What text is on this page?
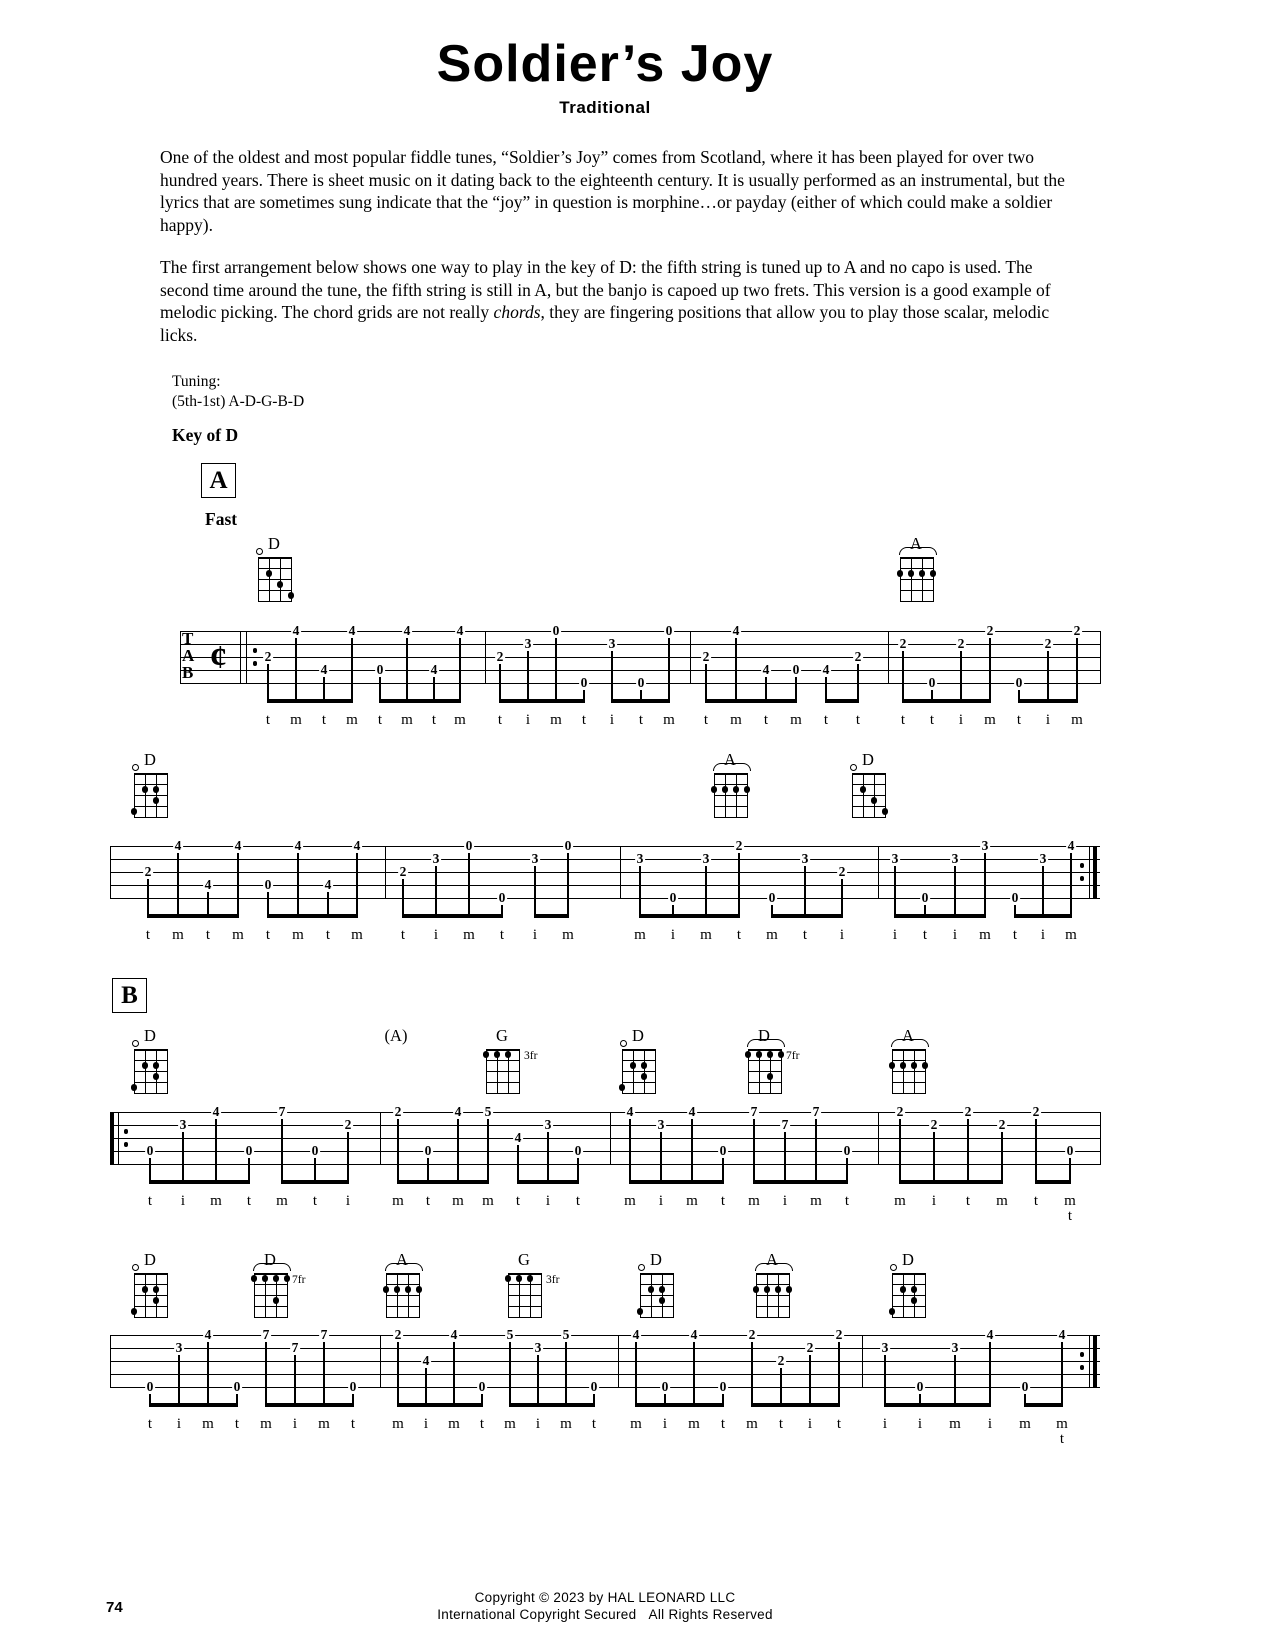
Soldier’s Joy
Traditional
One of the oldest and most popular fiddle tunes, “Soldier’s Joy” comes from Scotland, where it has been played for over two hundred years. There is sheet music on it dating back to the eighteenth century. It is usually performed as an instrumental, but the lyrics that are sometimes sung indicate that the “joy” in question is morphine…or payday (either of which could make a soldier happy).
The first arrangement below shows one way to play in the key of D: the fifth string is tuned up to A and no capo is used. The second time around the tune, the fifth string is still in A, but the banjo is capoed up two frets. This version is a good example of melodic picking. The chord grids are not really chords, they are fingering positions that allow you to play those scalar, melodic licks.
Tuning:
(5th-1st) A-D-G-B-D
Key of D
A
Fast
B
Copyright © 2023 by HAL LEONARD LLC
International Copyright Secured   All Rights Reserved
74
T
A
B ¢	2
t
4
m
4
t
4
m
0
t
4
m
4
t
4
m
2
t
3
i
0
m
0
t
3
i
0
t
0
m
2
t
4
m
4
t
0
m
4
t
2
t
2
t
0
t
2
i
2
m
0
t
2
i
2
m
D	A
2
t
4
m
4
t
4
m
0
t
4
m
4
t
4
m
2
t
3
i
0
m
0
t
3
i
0
m
3
m
0
i
3
m
2
t
0
m
3
t
2
i
3
i
0
t
3
i
3
m
0
t
3
i
4
m
D	A	D
0
t
3
i
4
m
0
t
7
m
0
t
2
i
2
m
0
t
4
m
5
m
4
t
3
i
0
t
4
m
3
i
4
m
0
t
7
m
7
i
7
m
0
t
2
m
2
i
2
t
2
m
2
t
0
m
t
D	(A)	G
3fr
D	D
7fr
A
0
t
3
i
4
m
0
t
7
m
7
i
7
m
0
t
2
m
4
i
4
m
0
t
5
m
3
i
5
m
0
t
4
m
0
i
4
m
0
t
2
m
2
t
2
i
2
t
3
i
0
i
3
m
4
i
0
m
4
m
t
D	D
7fr
A	G
3fr
D	A	D
